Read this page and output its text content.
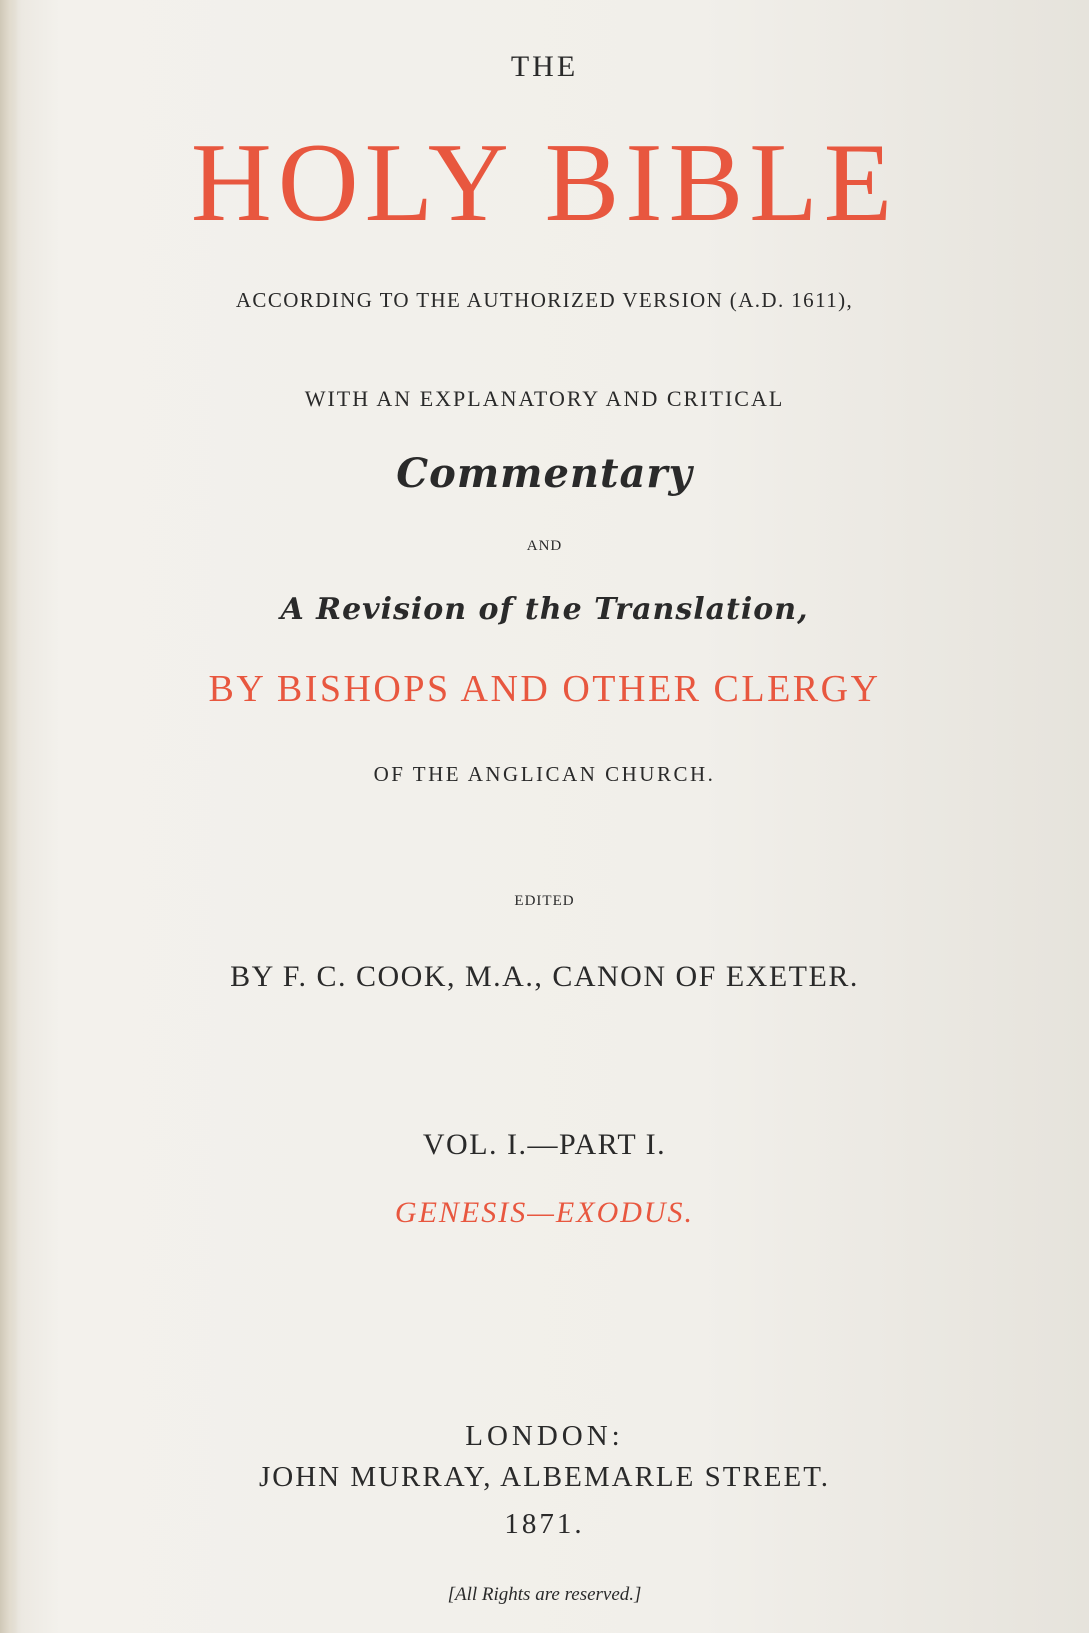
THE
HOLY BIBLE
ACCORDING TO THE AUTHORIZED VERSION (A.D. 1611),
WITH AN EXPLANATORY AND CRITICAL
Commentary
AND
A Revision of the Translation,
BY BISHOPS AND OTHER CLERGY
OF THE ANGLICAN CHURCH.
EDITED
BY F. C. COOK, M.A., CANON OF EXETER.
VOL. I.—PART I.
GENESIS—EXODUS.
LONDON:
JOHN MURRAY, ALBEMARLE STREET.
1871.
[All Rights are reserved.]
